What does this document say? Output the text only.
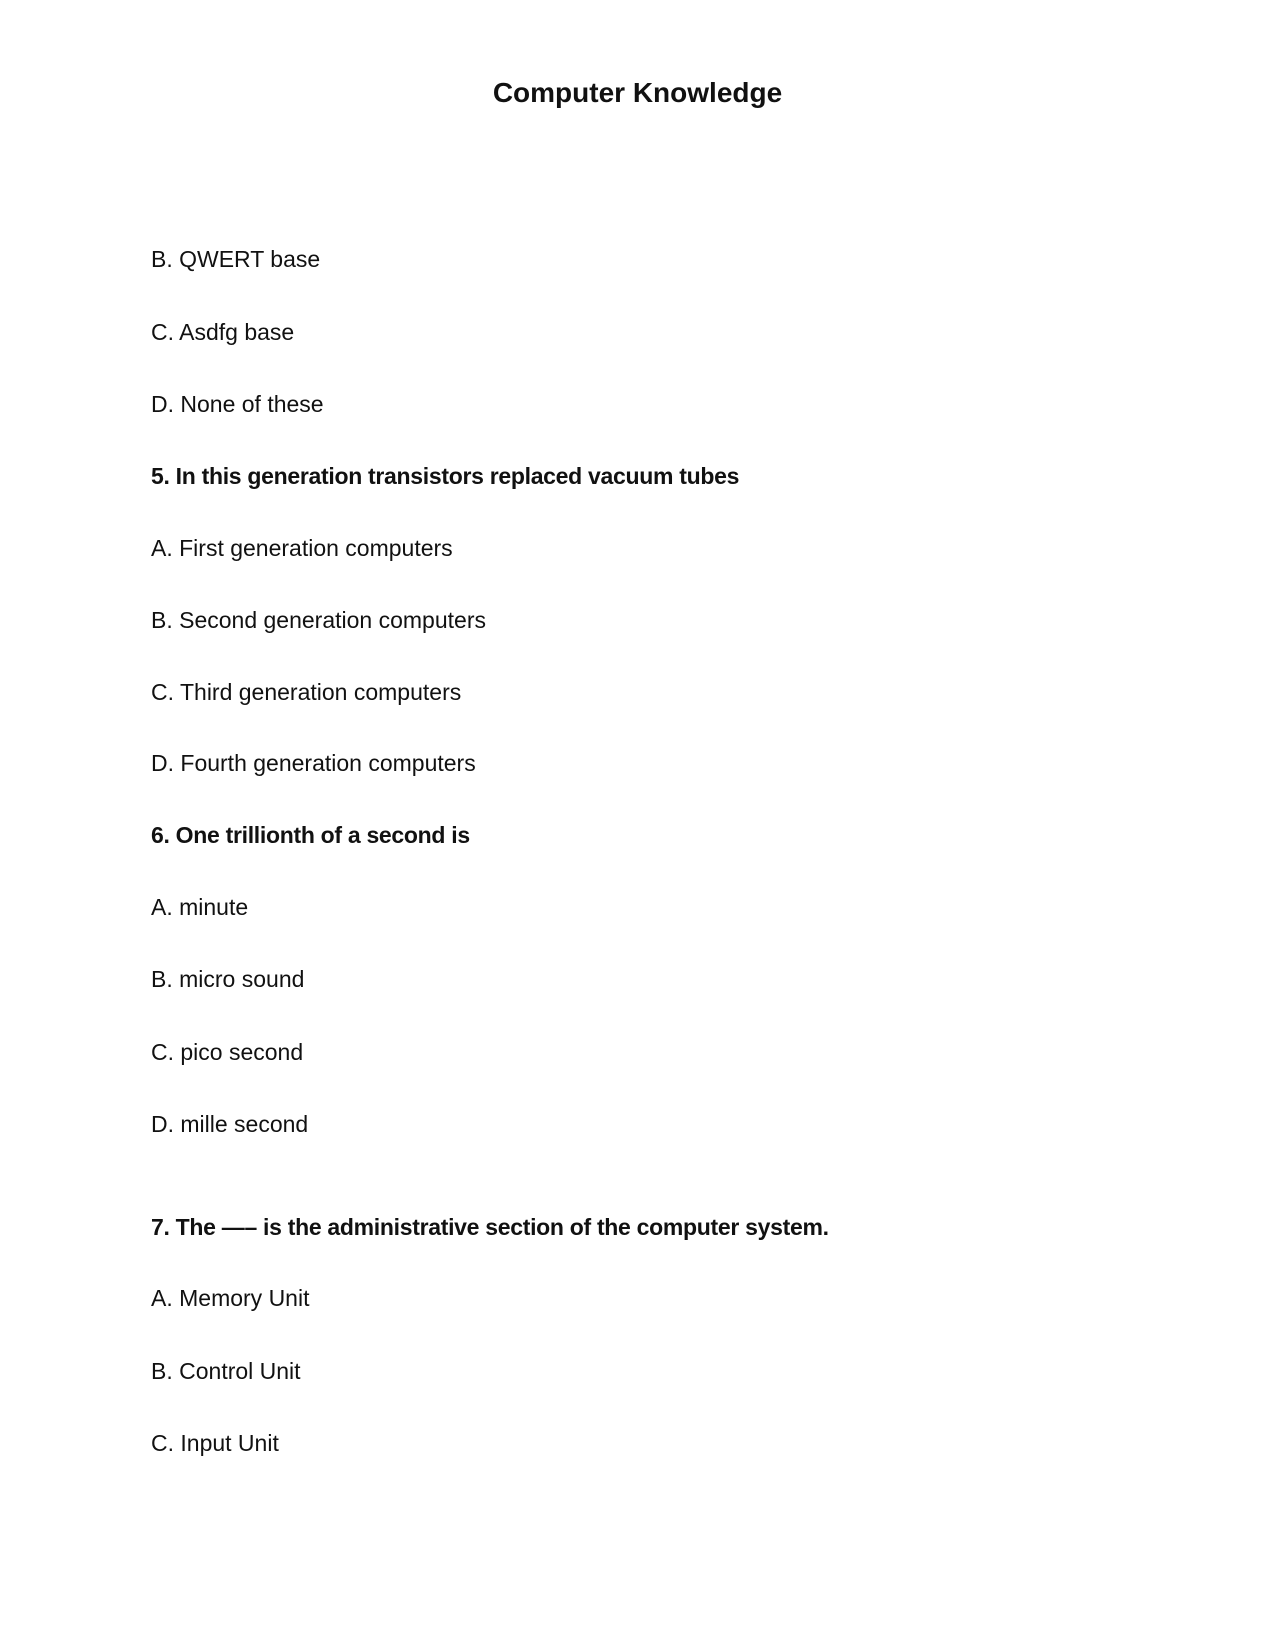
Computer Knowledge
B. QWERT base
C. Asdfg base
D. None of these
5. In this generation transistors replaced vacuum tubes
A. First generation computers
B. Second generation computers
C. Third generation computers
D. Fourth generation computers
6. One trillionth of a second is
A. minute
B. micro sound
C. pico second
D. mille second
7. The —– is the administrative section of the computer system.
A. Memory Unit
B. Control Unit
C. Input Unit
